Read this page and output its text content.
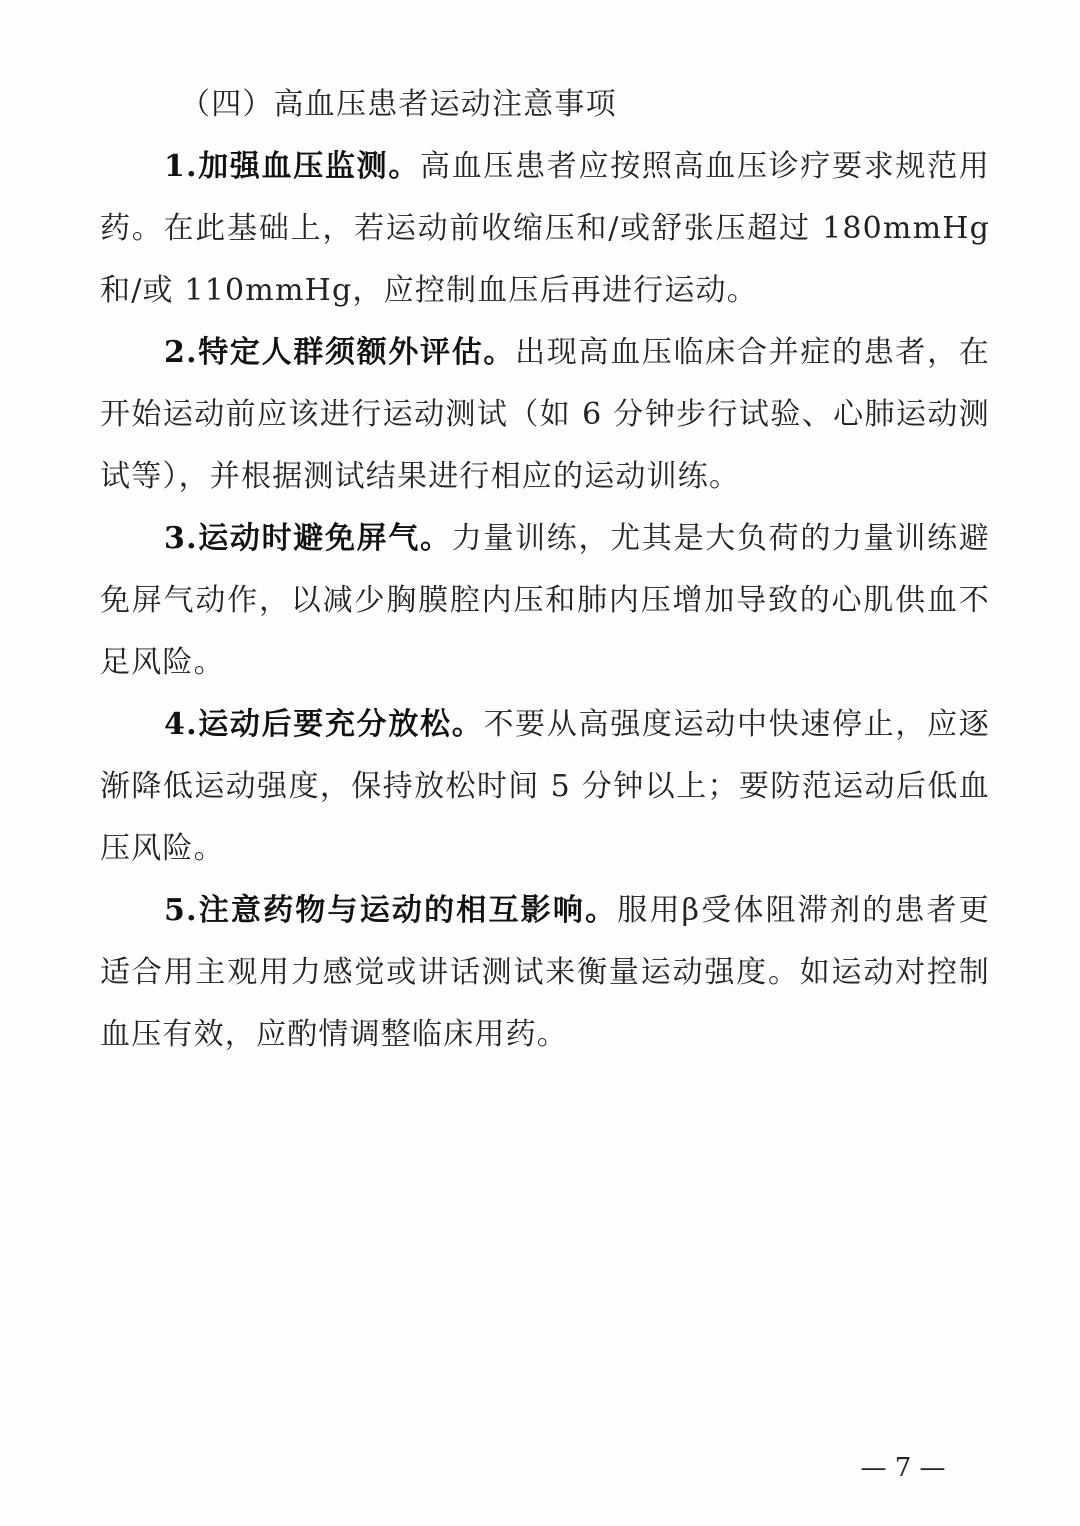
（四）高血压患者运动注意事项

1.加强血压监测。高血压患者应按照高血压诊疗要求规范用药。在此基础上，若运动前收缩压和/或舒张压超过 180mmHg 和/或 110mmHg，应控制血压后再进行运动。

2.特定人群须额外评估。出现高血压临床合并症的患者，在开始运动前应该进行运动测试（如 6 分钟步行试验、心肺运动测试等），并根据测试结果进行相应的运动训练。

3.运动时避免屏气。力量训练，尤其是大负荷的力量训练避免屏气动作，以减少胸膜腔内压和肺内压增加导致的心肌供血不足风险。

4.运动后要充分放松。不要从高强度运动中快速停止，应逐渐降低运动强度，保持放松时间 5 分钟以上；要防范运动后低血压风险。

5.注意药物与运动的相互影响。服用β受体阻滞剂的患者更适合用主观用力感觉或讲话测试来衡量运动强度。如运动对控制血压有效，应酌情调整临床用药。

— 7 —
